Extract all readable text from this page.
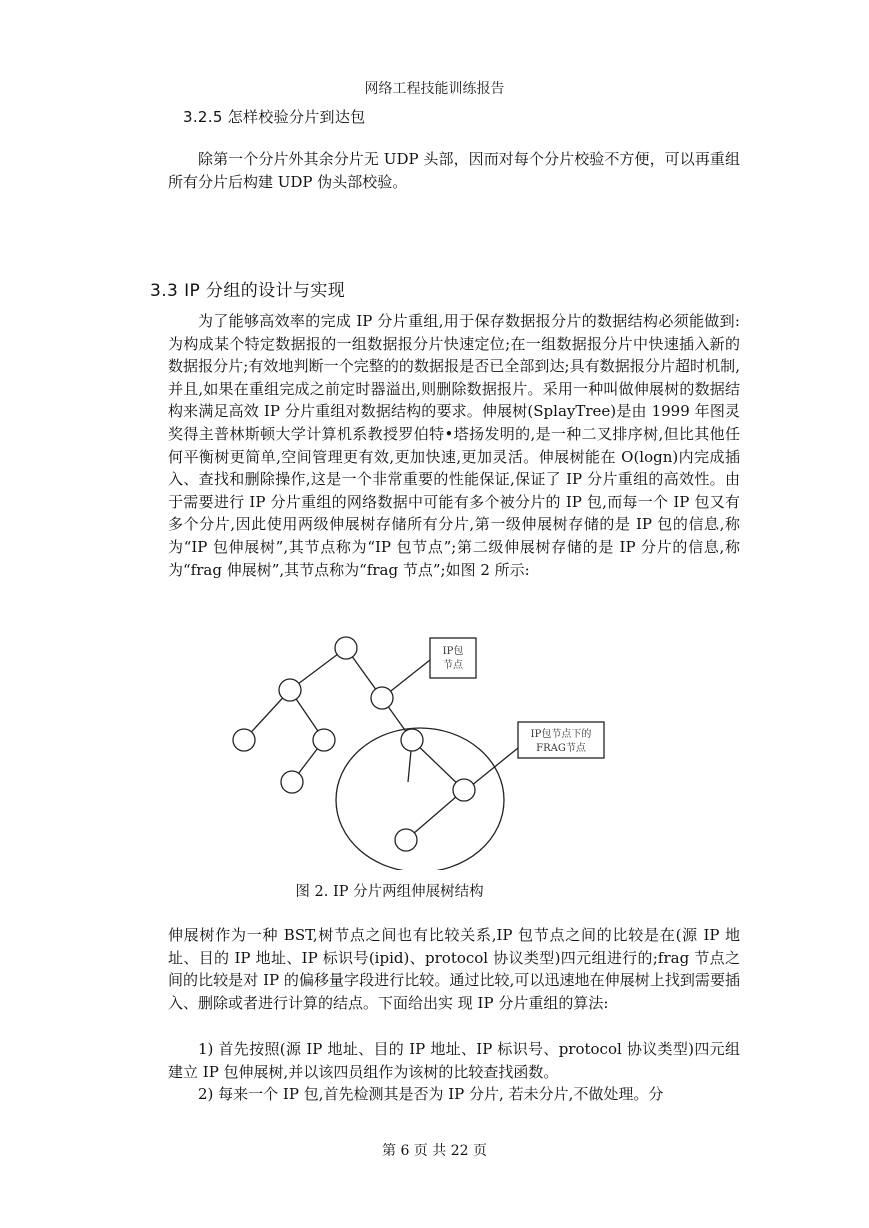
网络工程技能训练报告
3.2.5 怎样校验分片到达包
除第一个分片外其余分片无 UDP 头部，因而对每个分片校验不方便，可以再重组所有分片后构建 UDP 伪头部校验。
3.3 IP 分组的设计与实现
为了能够高效率的完成 IP 分片重组,用于保存数据报分片的数据结构必须能做到:为构成某个特定数据报的一组数据报分片快速定位;在一组数据报分片中快速插入新的数据报分片;有效地判断一个完整的的数据报是否已全部到达;具有数据报分片超时机制,并且,如果在重组完成之前定时器溢出,则删除数据报片。采用一种叫做伸展树的数据结构来满足高效 IP 分片重组对数据结构的要求。伸展树(SplayTree)是由 1999 年图灵奖得主普林斯顿大学计算机系教授罗伯特•塔扬发明的,是一种二叉排序树,但比其他任何平衡树更简单,空间管理更有效,更加快速,更加灵活。伸展树能在 O(logn)内完成插入、查找和删除操作,这是一个非常重要的性能保证,保证了 IP 分片重组的高效性。由于需要进行 IP 分片重组的网络数据中可能有多个被分片的 IP 包,而每一个 IP 包又有多个分片,因此使用两级伸展树存储所有分片,第一级伸展树存储的是 IP 包的信息,称为“IP 包伸展树”,其节点称为“IP 包节点”;第二级伸展树存储的是 IP 分片的信息,称为“frag 伸展树”,其节点称为“frag 节点”;如图 2 所示:
IP包
节点
IP包节点下的
FRAG节点
图 2. IP 分片两组伸展树结构
伸展树作为一种 BST,树节点之间也有比较关系,IP 包节点之间的比较是在(源 IP 地址、目的 IP 地址、IP 标识号(ipid)、protocol 协议类型)四元组进行的;frag 节点之间的比较是对 IP 的偏移量字段进行比较。通过比较,可以迅速地在伸展树上找到需要插入、删除或者进行计算的结点。下面给出实 现 IP 分片重组的算法:
1) 首先按照(源 IP 地址、目的 IP 地址、IP 标识号、protocol 协议类型)四元组建立 IP 包伸展树,并以该四员组作为该树的比较查找函数。
2) 每来一个 IP 包,首先检测其是否为 IP 分片, 若未分片,不做处理。分
第 6 页 共 22 页
